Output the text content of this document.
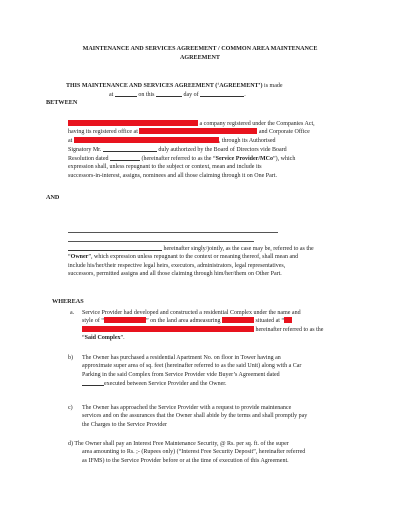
MAINTENANCE AND SERVICES AGREEMENT / COMMON AREA MAINTENANCE
AGREEMENT
THIS MAINTENANCE AND SERVICES AGREEMENT (‘AGREEMENT’) is made
at	on this	day of	.
BETWEEN
a company registered under the Companies Act,
having its registered office at	and Corporate Office
at	, through its Authorised
Signatory Mr.	duly authorized by the Board of Directors vide Board
Resolution dated	(hereinafter referred to as the “Service Provider/MCo”), which
expression shall, unless repugnant to the subject or context, mean and include its
successors-in-interest, assigns, nominees and all those claiming through it on One Part.
AND
hereinafter singly/jointly, as the case may be, referred to as the
“Owner”, which expression unless repugnant to the context or meaning thereof, shall mean and
include his/her/their respective legal heirs, executors, administrators, legal representatives,
successors, permitted assigns and all those claiming through him/her/them on Other Part.
WHEREAS
a. Service Provider had developed and constructed a residential Complex under the name and
style of “	” on the land area admeasuring	situated at “
hereinafter referred to as the
“Said Complex”.
b) The Owner has purchased a residential Apartment No. on floor in Tower having an
approximate super area of sq. feet (hereinafter referred to as the said Unit) along with a Car
Parking in the said Complex from Service Provider vide Buyer’s Agreement dated
executed between Service Provider and the Owner.
c) The Owner has approached the Service Provider with a request to provide maintenance
services and on the assurances that the Owner shall abide by the terms and shall promptly pay
the Charges to the Service Provider
d) The Owner shall pay an Interest Free Maintenance Security, @ Rs. per sq. ft. of the super
area amounting to Rs. ;- (Rupees only) (“Interest Free Security Deposit”, hereinafter referred
as IFMS) to the Service Provider before or at the time of execution of this Agreement.
